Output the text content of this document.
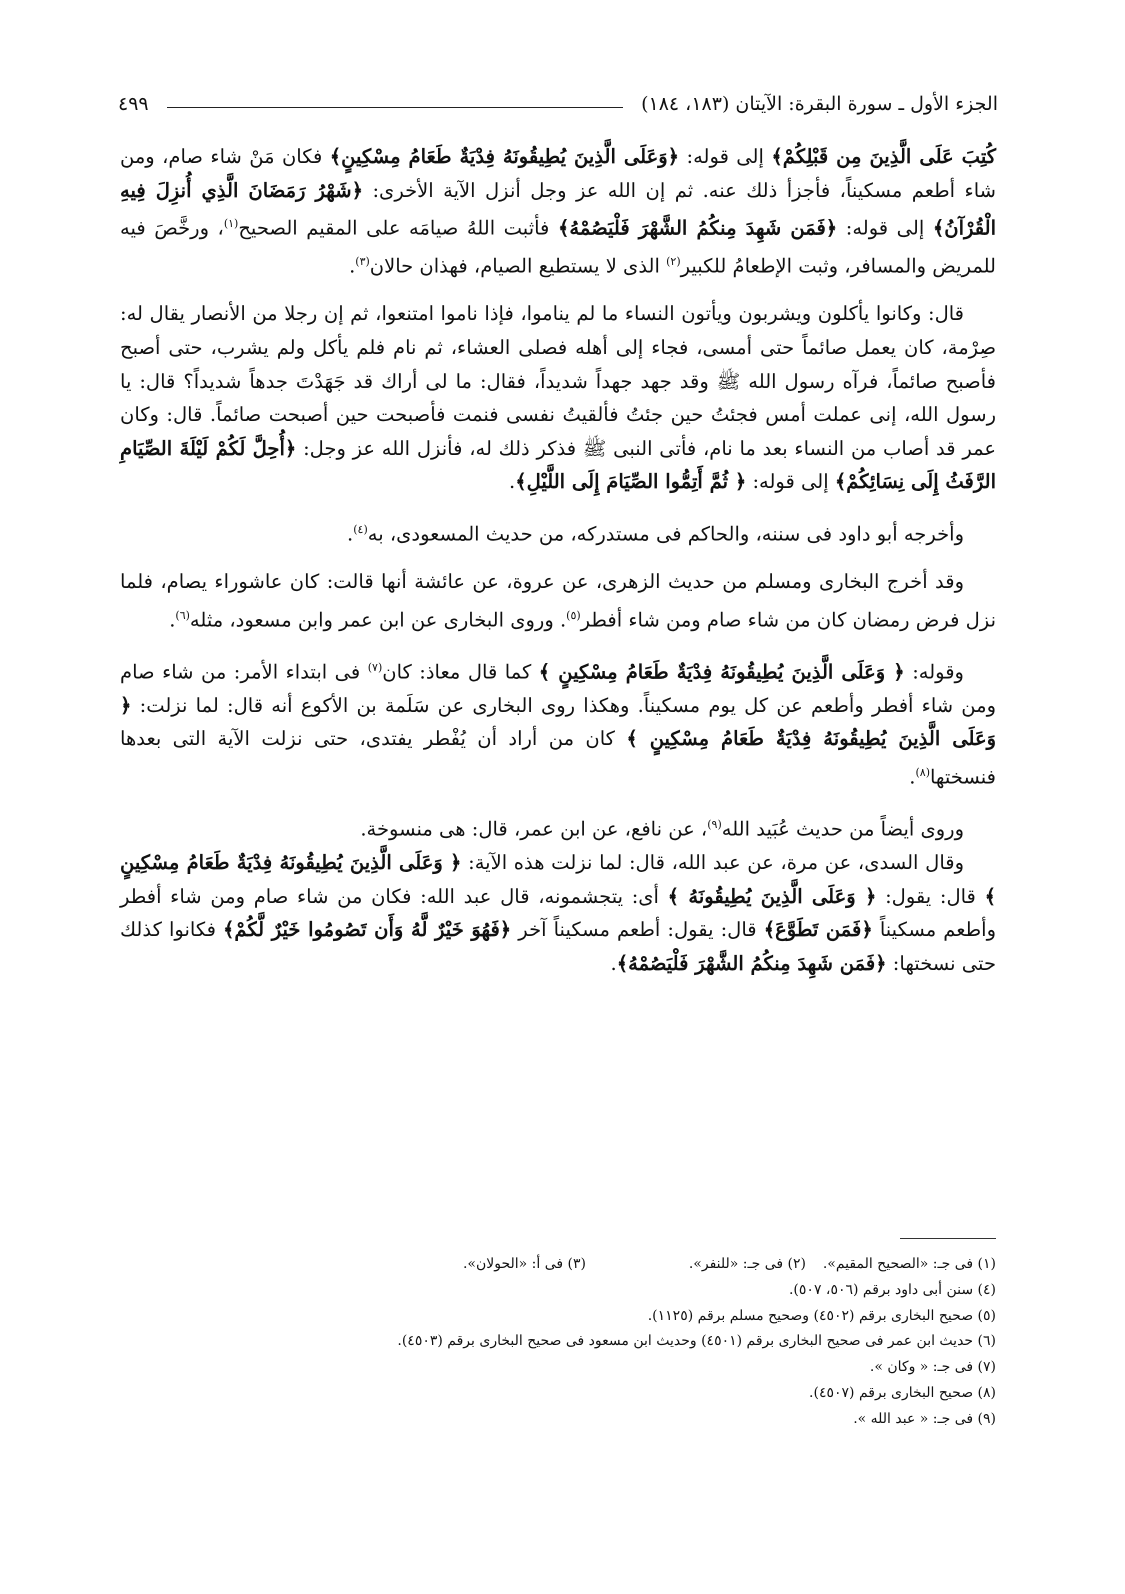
الجزء الأول ـ سورة البقرة: الآيتان (١٨٣، ١٨٤)
٤٩٩

كُتِبَ عَلَى الَّذِينَ مِن قَبْلِكُمْ﴾ إلى قوله: ﴿وَعَلَى الَّذِينَ يُطِيقُونَهُ فِدْيَةٌ طَعَامُ مِسْكِينٍ﴾ فكان مَنْ شاء صام، ومن شاء أطعم مسكيناً، فأجزأ ذلك عنه. ثم إن الله عز وجل أنزل الآية الأخرى: ﴿شَهْرُ رَمَضَانَ الَّذِي أُنزِلَ فِيهِ الْقُرْآنُ﴾ إلى قوله: ﴿فَمَن شَهِدَ مِنكُمُ الشَّهْرَ فَلْيَصُمْهُ﴾ فأثبت اللهُ صيامَه على المقيم الصحيح$^{(١)}$، ورخَّصَ فيه للمريض والمسافر، وثبت الإطعامُ للكبير$^{(٢)}$ الذى لا يستطيع الصيام، فهذان حالان$^{(٣)}$.

قال: وكانوا يأكلون ويشربون ويأتون النساء ما لم يناموا، فإذا ناموا امتنعوا، ثم إن رجلا من الأنصار يقال له: صِرْمة، كان يعمل صائماً حتى أمسى، فجاء إلى أهله فصلى العشاء، ثم نام فلم يأكل ولم يشرب، حتى أصبح فأصبح صائماً، فرآه رسول الله ﷺ وقد جهد جهداً شديداً، فقال: ما لى أراك قد جَهَدْتَ جدهاً شديداً؟ قال: يا رسول الله، إنى عملت أمس فجئتُ حين جئتُ فألقيتُ نفسى فنمت فأصبحت حين أصبحت صائماً. قال: وكان عمر قد أصاب من النساء بعد ما نام، فأتى النبى ﷺ فذكر ذلك له، فأنزل الله عز وجل: ﴿أُحِلَّ لَكُمْ لَيْلَةَ الصِّيَامِ الرَّفَثُ إِلَى نِسَائِكُمْ﴾ إلى قوله: ﴿ ثُمَّ أَتِمُّوا الصِّيَامَ إِلَى اللَّيْلِ﴾.

وأخرجه أبو داود فى سننه، والحاكم فى مستدركه، من حديث المسعودى، به$^{(٤)}$.

وقد أخرج البخارى ومسلم من حديث الزهرى، عن عروة، عن عائشة أنها قالت: كان عاشوراء يصام، فلما نزل فرض رمضان كان من شاء صام ومن شاء أفطر$^{(٥)}$. وروى البخارى عن ابن عمر وابن مسعود، مثله$^{(٦)}$.

وقوله: ﴿ وَعَلَى الَّذِينَ يُطِيقُونَهُ فِدْيَةٌ طَعَامُ مِسْكِينٍ ﴾ كما قال معاذ: كان$^{(٧)}$ فى ابتداء الأمر: من شاء صام ومن شاء أفطر وأطعم عن كل يوم مسكيناً. وهكذا روى البخارى عن سَلَمة بن الأكوع أنه قال: لما نزلت: ﴿ وَعَلَى الَّذِينَ يُطِيقُونَهُ فِدْيَةٌ طَعَامُ مِسْكِينٍ ﴾ كان من أراد أن يُفْطر يفتدى، حتى نزلت الآية التى بعدها فنسختها$^{(٨)}$.

وروى أيضاً من حديث عُبَيد الله$^{(٩)}$، عن نافع، عن ابن عمر، قال: هى منسوخة.

وقال السدى، عن مرة، عن عبد الله، قال: لما نزلت هذه الآية: ﴿ وَعَلَى الَّذِينَ يُطِيقُونَهُ فِدْيَةٌ طَعَامُ مِسْكِينٍ ﴾ قال: يقول: ﴿ وَعَلَى الَّذِينَ يُطِيقُونَهُ ﴾ أى: يتجشمونه، قال عبد الله: فكان من شاء صام ومن شاء أفطر وأطعم مسكيناً ﴿فَمَن تَطَوَّعَ﴾ قال: يقول: أطعم مسكيناً آخر ﴿فَهُوَ خَيْرٌ لَّهُ وَأَن تَصُومُوا خَيْرٌ لَّكُمْ﴾ فكانوا كذلك حتى نسختها: ﴿فَمَن شَهِدَ مِنكُمُ الشَّهْرَ فَلْيَصُمْهُ﴾.

(١) فى جـ: «الصحيح المقيم».
(٢) فى جـ: «للنفر».
(٣) فى أ: «الحولان».
(٤) سنن أبى داود برقم (٥٠٦، ٥٠٧).
(٥) صحيح البخارى برقم (٤٥٠٢) وصحيح مسلم برقم (١١٢٥).
(٦) حديث ابن عمر فى صحيح البخارى برقم (٤٥٠١) وحديث ابن مسعود فى صحيح البخارى برقم (٤٥٠٣).
(٧) فى جـ: « وكان ».
(٨) صحيح البخارى برقم (٤٥٠٧).
(٩) فى جـ: « عبد الله ».
